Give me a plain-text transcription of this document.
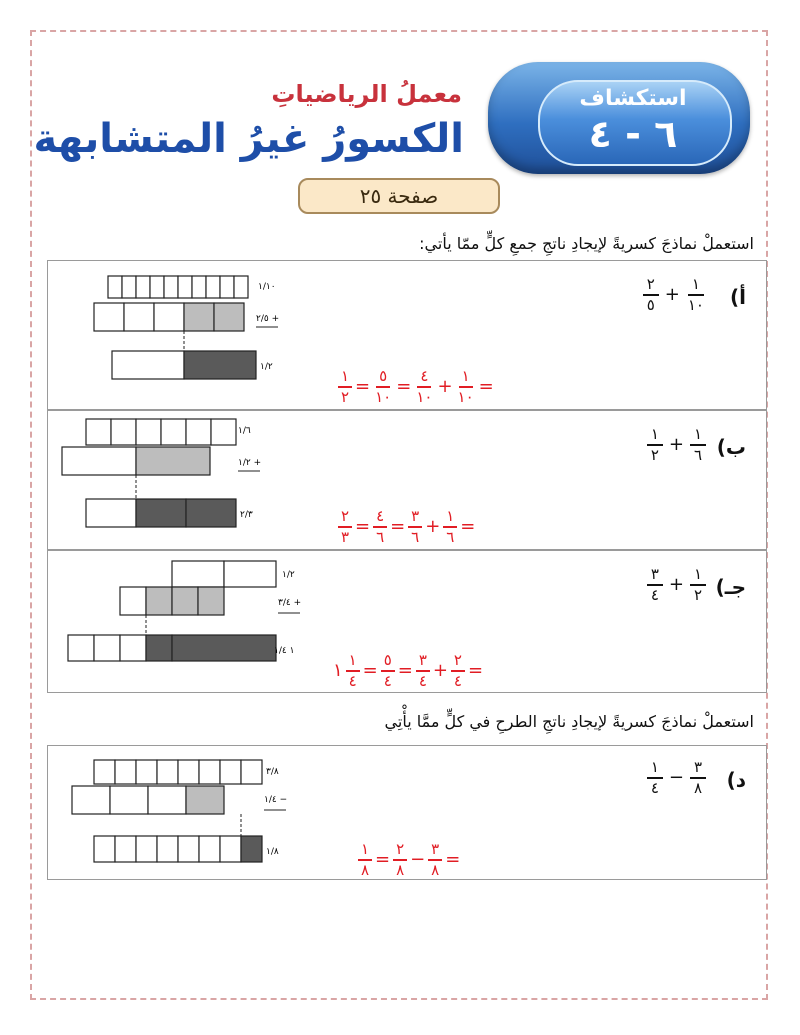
استكشاف
٦ - ٤
معملُ الرياضياتِ
الكسورُ غيرُ المتشابهة
صفحة ٢٥
استعملْ نماذجَ كسريةً لإيجادِ ناتجِ جمعِ كلٍّ ممّا يأتي:
أ)
$\frac{٢}{٥} + \frac{١}{١٠}$
١/١٠
٢/٥ +
١/٢
$\frac{١}{٢} = \frac{٥}{١٠} = \frac{٤}{١٠} + \frac{١}{١٠}$ =
ب)
$\frac{١}{٢} + \frac{١}{٦}$
١/٦
١/٢ +
٢/٣	$\frac{٢}{٣} = \frac{٤}{٦} = \frac{٣}{٦} + \frac{١}{٦}$ =
جـ)
$\frac{٣}{٤} + \frac{١}{٢}$
١/٢
٣/٤ +
١ ١/٤
١ $\frac{١}{٤} = \frac{٥}{٤} = \frac{٣}{٤} + \frac{٢}{٤}$ =
استعملْ نماذجَ كسريةً لإيجادِ ناتجِ الطرحِ في كلٍّ ممَّا يأْتِي
د)
$\frac{١}{٤} - \frac{٣}{٨}$
٣/٨
١/٤ −
١/٨	$\frac{١}{٨} = \frac{٢}{٨} - \frac{٣}{٨}$ =
